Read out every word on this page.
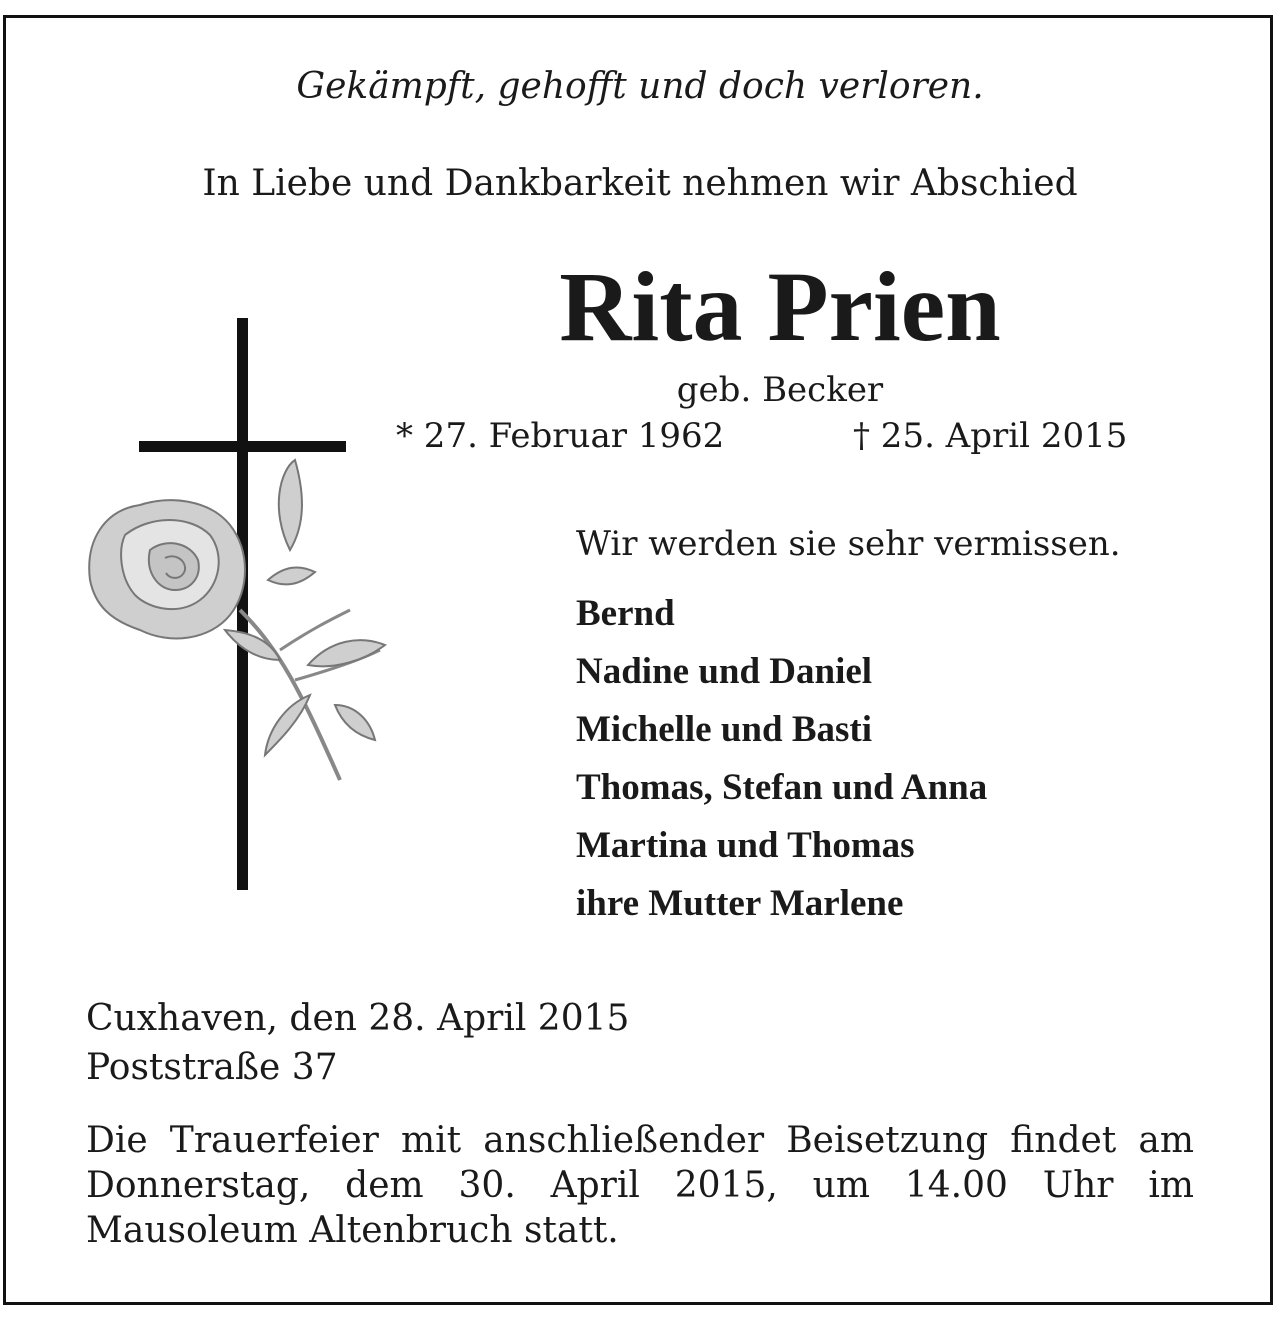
Gekämpft, gehofft und doch verloren.
In Liebe und Dankbarkeit nehmen wir Abschied
Rita Prien
geb. Becker
* 27. Februar 1962	† 25. April 2015
Wir werden sie sehr vermissen.
Bernd
Nadine und Daniel
Michelle und Basti
Thomas, Stefan und Anna
Martina und Thomas
ihre Mutter Marlene
Cuxhaven, den 28. April 2015
Poststraße 37

Die Trauerfeier mit anschließender Beisetzung findet am Donnerstag, dem 30. April 2015, um 14.00 Uhr im Mausoleum Altenbruch statt.
